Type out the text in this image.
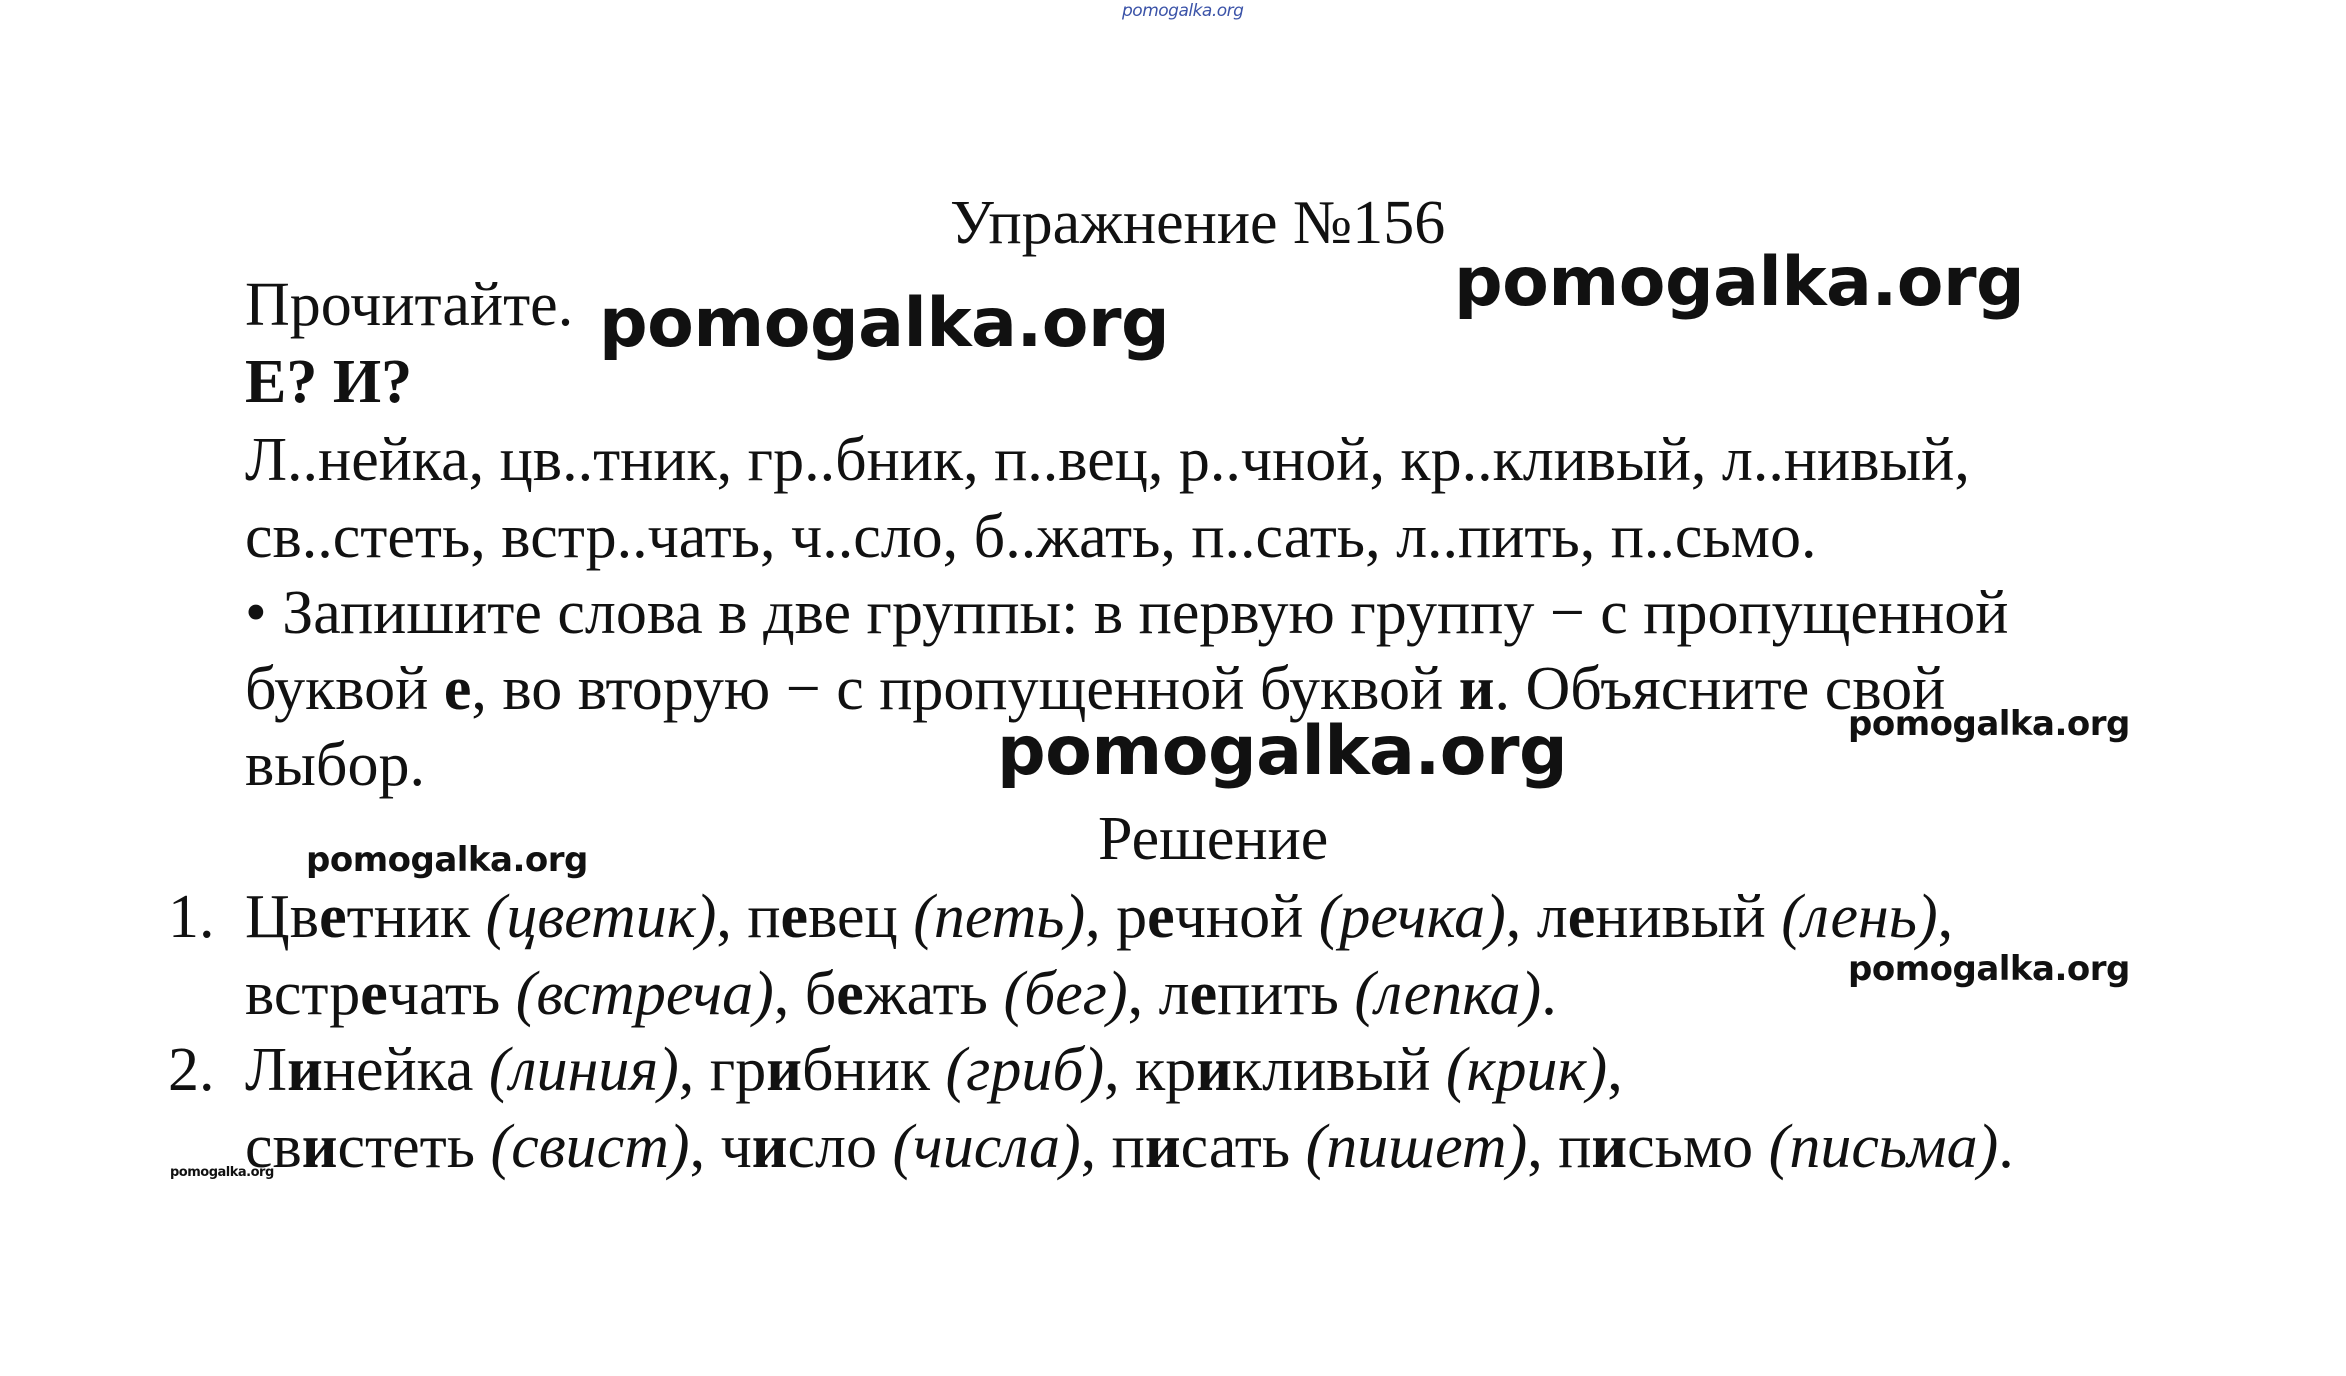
pomogalka.org
pomogalka.org
pomogalka.org
pomogalka.org	pomogalka.org
pomogalka.org
pomogalka.org
pomogalka.org
Упражнение №156
Прочитайте.
Е? И?
Л..нейка, цв..тник, гр..бник, п..вец, р..чной, кр..кливый, л..нивый,
св..стеть, встр..чать, ч..сло, б..жать, п..сать, л..пить, п..сьмо.
• Запишите слова в две группы: в первую группу − с пропущенной
буквой е, во вторую − с пропущенной буквой и. Объясните свой
выбор.
Решение
1. Цветник (цветик), певец (петь), речной (речка), ленивый (лень),
встречать (встреча), бежать (бег), лепить (лепка).
2. Линейка (линия), грибник (гриб), крикливый (крик),
свистеть (свист), число (числа), писать (пишет), письмо (письма).
